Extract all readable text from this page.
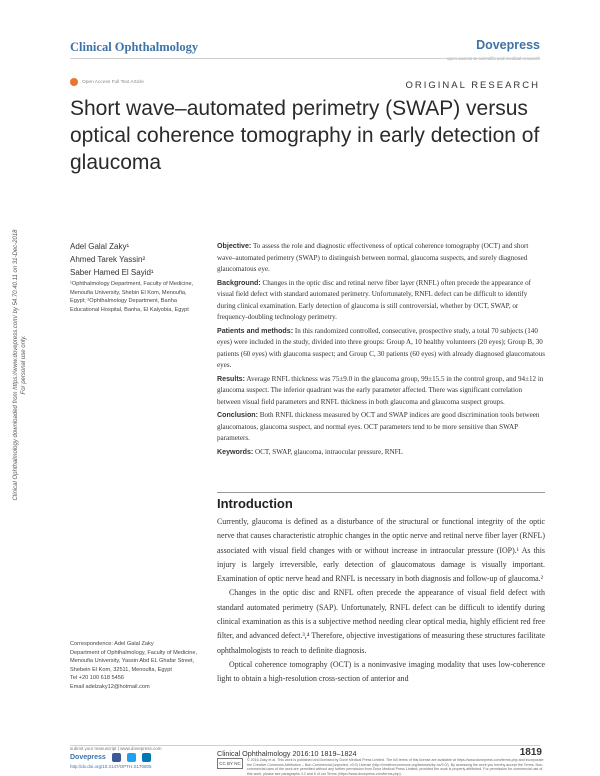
Clinical Ophthalmology	Dovepress
open access to scientific and medical research
Open Access Full Text Article	ORIGINAL RESEARCH
Short wave–automated perimetry (SWAP) versus optical coherence tomography in early detection of glaucoma
Clinical Ophthalmology downloaded from https://www.dovepress.com/ by 54.70.40.11 on 31-Dec-2018 For personal use only.
Adel Galal Zaky¹
Ahmed Tarek Yassin²
Saber Hamed El Sayid¹
¹Ophthalmology Department, Faculty of Medicine, Menoufia University, Shebin El Kom, Menoufia, Egypt; ²Ophthalmology Department, Banha Educational Hospital, Banha, El Kalyobia, Egypt

Objective: To assess the role and diagnostic effectiveness of optical coherence tomography (OCT) and short wave–automated perimetry (SWAP) to distinguish between normal, glaucoma suspects, and surely diagnosed glaucomatous eye.

Background: Changes in the optic disc and retinal nerve fiber layer (RNFL) often precede the appearance of visual field defect with standard automated perimetry. Unfortunately, RNFL defect can be difficult to identify during clinical examination. Early detection of glaucoma is still controversial, whether by OCT, SWAP, or frequency-doubling technology perimetry.

Patients and methods: In this randomized controlled, consecutive, prospective study, a total 70 subjects (140 eyes) were included in the study, divided into three groups: Group A, 10 healthy volunteers (20 eyes); Group B, 30 patients (60 eyes) with glaucoma suspect; and Group C, 30 patients (60 eyes) with already diagnosed glaucomatous eyes.

Results: Average RNFL thickness was 75±9.0 in the glaucoma group, 99±15.5 in the control group, and 94±12 in glaucoma suspect. The inferior quadrant was the early parameter affected. There was significant correlation between visual field parameters and RNFL thickness in both glaucoma and glaucoma suspect groups.

Conclusion: Both RNFL thickness measured by OCT and SWAP indices are good discrimination tools between glaucomatous, glaucoma suspect, and normal eyes. OCT parameters tend to be more sensitive than SWAP parameters.

Keywords: OCT, SWAP, glaucoma, intraocular pressure, RNFL

Introduction

Currently, glaucoma is defined as a disturbance of the structural or functional integrity of the optic nerve that causes characteristic atrophic changes in the optic nerve and retinal nerve fiber layer (RNFL) associated with visual field changes with or without increase in intraocular pressure (IOP).¹ As this injury is largely irreversible, early detection of glaucomatous damage is visually important. Examination of optic nerve head and RNFL is necessary in both diagnosis and follow-up of glaucoma.²

Changes in the optic disc and RNFL often precede the appearance of visual field defect with standard automated perimetry (SAP). Unfortunately, RNFL defect can be difficult to identify during clinical examination as this is a subjective method needing clear optical media, highly efficient red free filter, and advanced defect.³,⁴ Therefore, objective investigations of measuring these structures facilitate ophthalmologists to reach to definite diagnosis.

Optical coherence tomography (OCT) is a noninvasive imaging modality that uses low-coherence light to obtain a high-resolution cross-section of anterior and

Correspondence: Adel Galal Zaky
Department of Ophthalmology, Faculty of Medicine, Menoufia University, Yassin Abd EL Ghafar Street, Shebein El Kom, 32511, Menoufia, Egypt
Tel +20 100 618 5456
Email adelzaky12@hotmail.com
submit your manuscript | www.dovepress.com
Dovepress
http://dx.doi.org/10.2147/OPTH.S170805
Clinical Ophthalmology 2016:10 1819–1824	1819
CC BY NC
© 2016 Zaky et al. This work is published and licensed by Dove Medical Press Limited. The full terms of this license are available at https://www.dovepress.com/terms.php and incorporate the Creative Commons Attribution – Non Commercial (unported, v3.0) License (http://creativecommons.org/licenses/by-nc/3.0/). By accessing the work you hereby accept the Terms. Non-commercial uses of the work are permitted without any further permission from Dove Medical Press Limited, provided the work is properly attributed. For permission for commercial use of this work, please see paragraphs 4.2 and 5 of our Terms (https://www.dovepress.com/terms.php).
